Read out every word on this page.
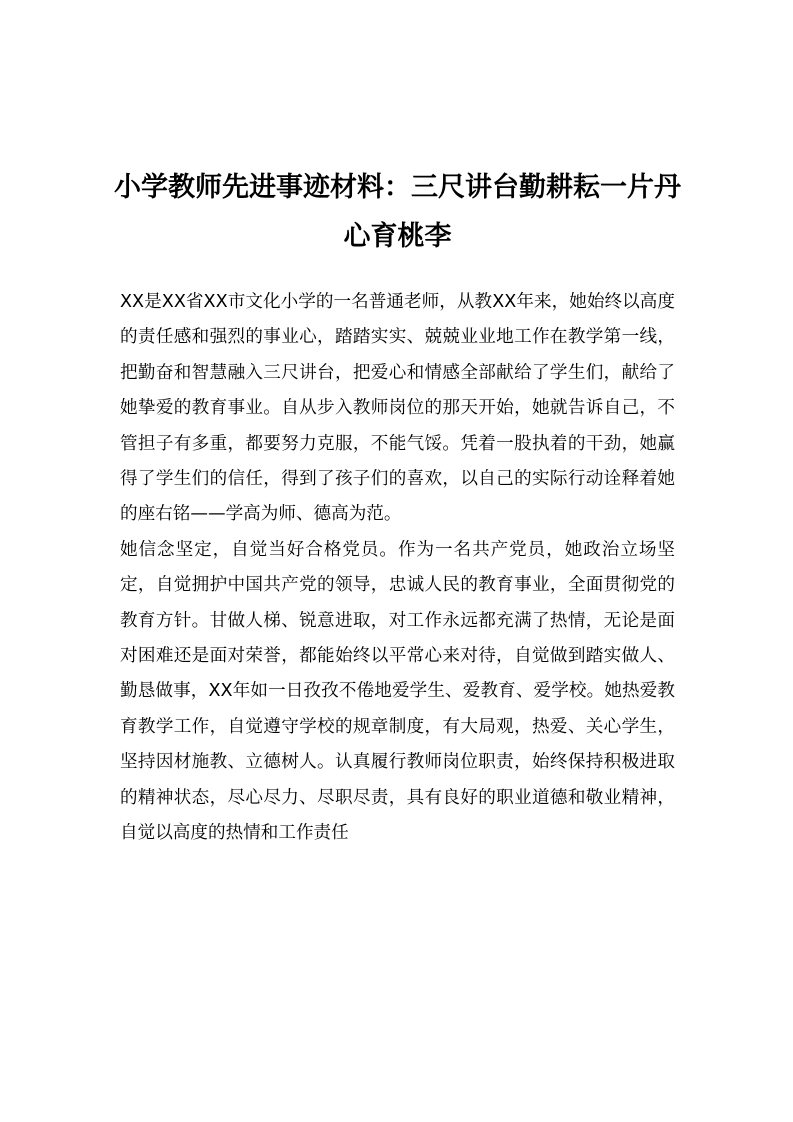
小学教师先进事迹材料：三尺讲台勤耕耘一片丹心育桃李

XX是XX省XX市文化小学的一名普通老师，从教XX年来，她始终以高度的责任感和强烈的事业心，踏踏实实、兢兢业业地工作在教学第一线，把勤奋和智慧融入三尺讲台，把爱心和情感全部献给了学生们，献给了她挚爱的教育事业。自从步入教师岗位的那天开始，她就告诉自己，不管担子有多重，都要努力克服，不能气馁。凭着一股执着的干劲，她赢得了学生们的信任，得到了孩子们的喜欢，以自己的实际行动诠释着她的座右铭——学高为师、德高为范。

她信念坚定，自觉当好合格党员。作为一名共产党员，她政治立场坚定，自觉拥护中国共产党的领导，忠诚人民的教育事业，全面贯彻党的教育方针。甘做人梯、锐意进取，对工作永远都充满了热情，无论是面对困难还是面对荣誉，都能始终以平常心来对待，自觉做到踏实做人、勤恳做事，XX年如一日孜孜不倦地爱学生、爱教育、爱学校。她热爱教育教学工作，自觉遵守学校的规章制度，有大局观，热爱、关心学生，坚持因材施教、立德树人。认真履行教师岗位职责，始终保持积极进取的精神状态，尽心尽力、尽职尽责，具有良好的职业道德和敬业精神，自觉以高度的热情和工作责任
